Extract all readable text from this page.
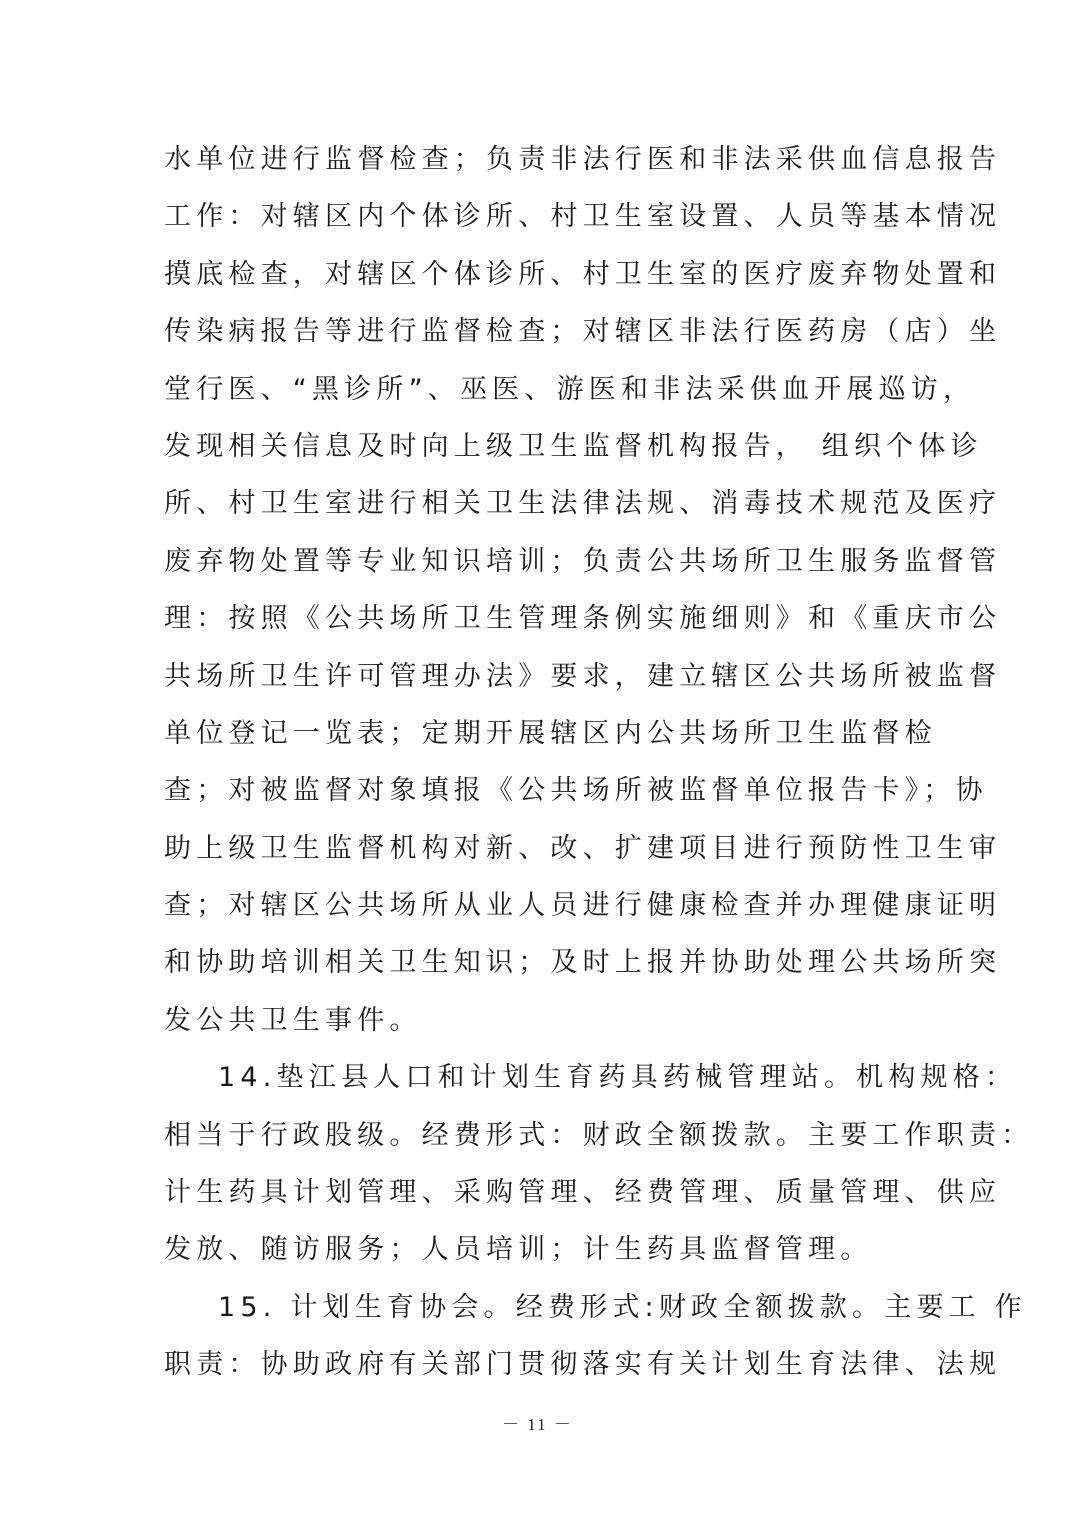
水单位进行监督检查；负责非法行医和非法采供血信息报告
工作：对辖区内个体诊所、村卫生室设置、人员等基本情况
摸底检查，对辖区个体诊所、村卫生室的医疗废弃物处置和
传染病报告等进行监督检查；对辖区非法行医药房（店）坐
堂行医、“黑诊所”、巫医、游医和非法采供血开展巡访，
发现相关信息及时向上级卫生监督机构报告， 组织个体诊
所、村卫生室进行相关卫生法律法规、消毒技术规范及医疗
废弃物处置等专业知识培训；负责公共场所卫生服务监督管
理：按照《公共场所卫生管理条例实施细则》和《重庆市公
共场所卫生许可管理办法》要求，建立辖区公共场所被监督
单位登记一览表；定期开展辖区内公共场所卫生监督检
查；对被监督对象填报《公共场所被监督单位报告卡》；协
助上级卫生监督机构对新、改、扩建项目进行预防性卫生审
查；对辖区公共场所从业人员进行健康检查并办理健康证明
和协助培训相关卫生知识；及时上报并协助处理公共场所突
发公共卫生事件。
14.垫江县人口和计划生育药具药械管理站。机构规格：
相当于行政股级。经费形式：财政全额拨款。主要工作职责：
计生药具计划管理、采购管理、经费管理、质量管理、供应
发放、随访服务；人员培训；计生药具监督管理。
15. 计划生育协会。经费形式:财政全额拨款。主要工 作
职责：协助政府有关部门贯彻落实有关计划生育法律、法规
－ 11 －
